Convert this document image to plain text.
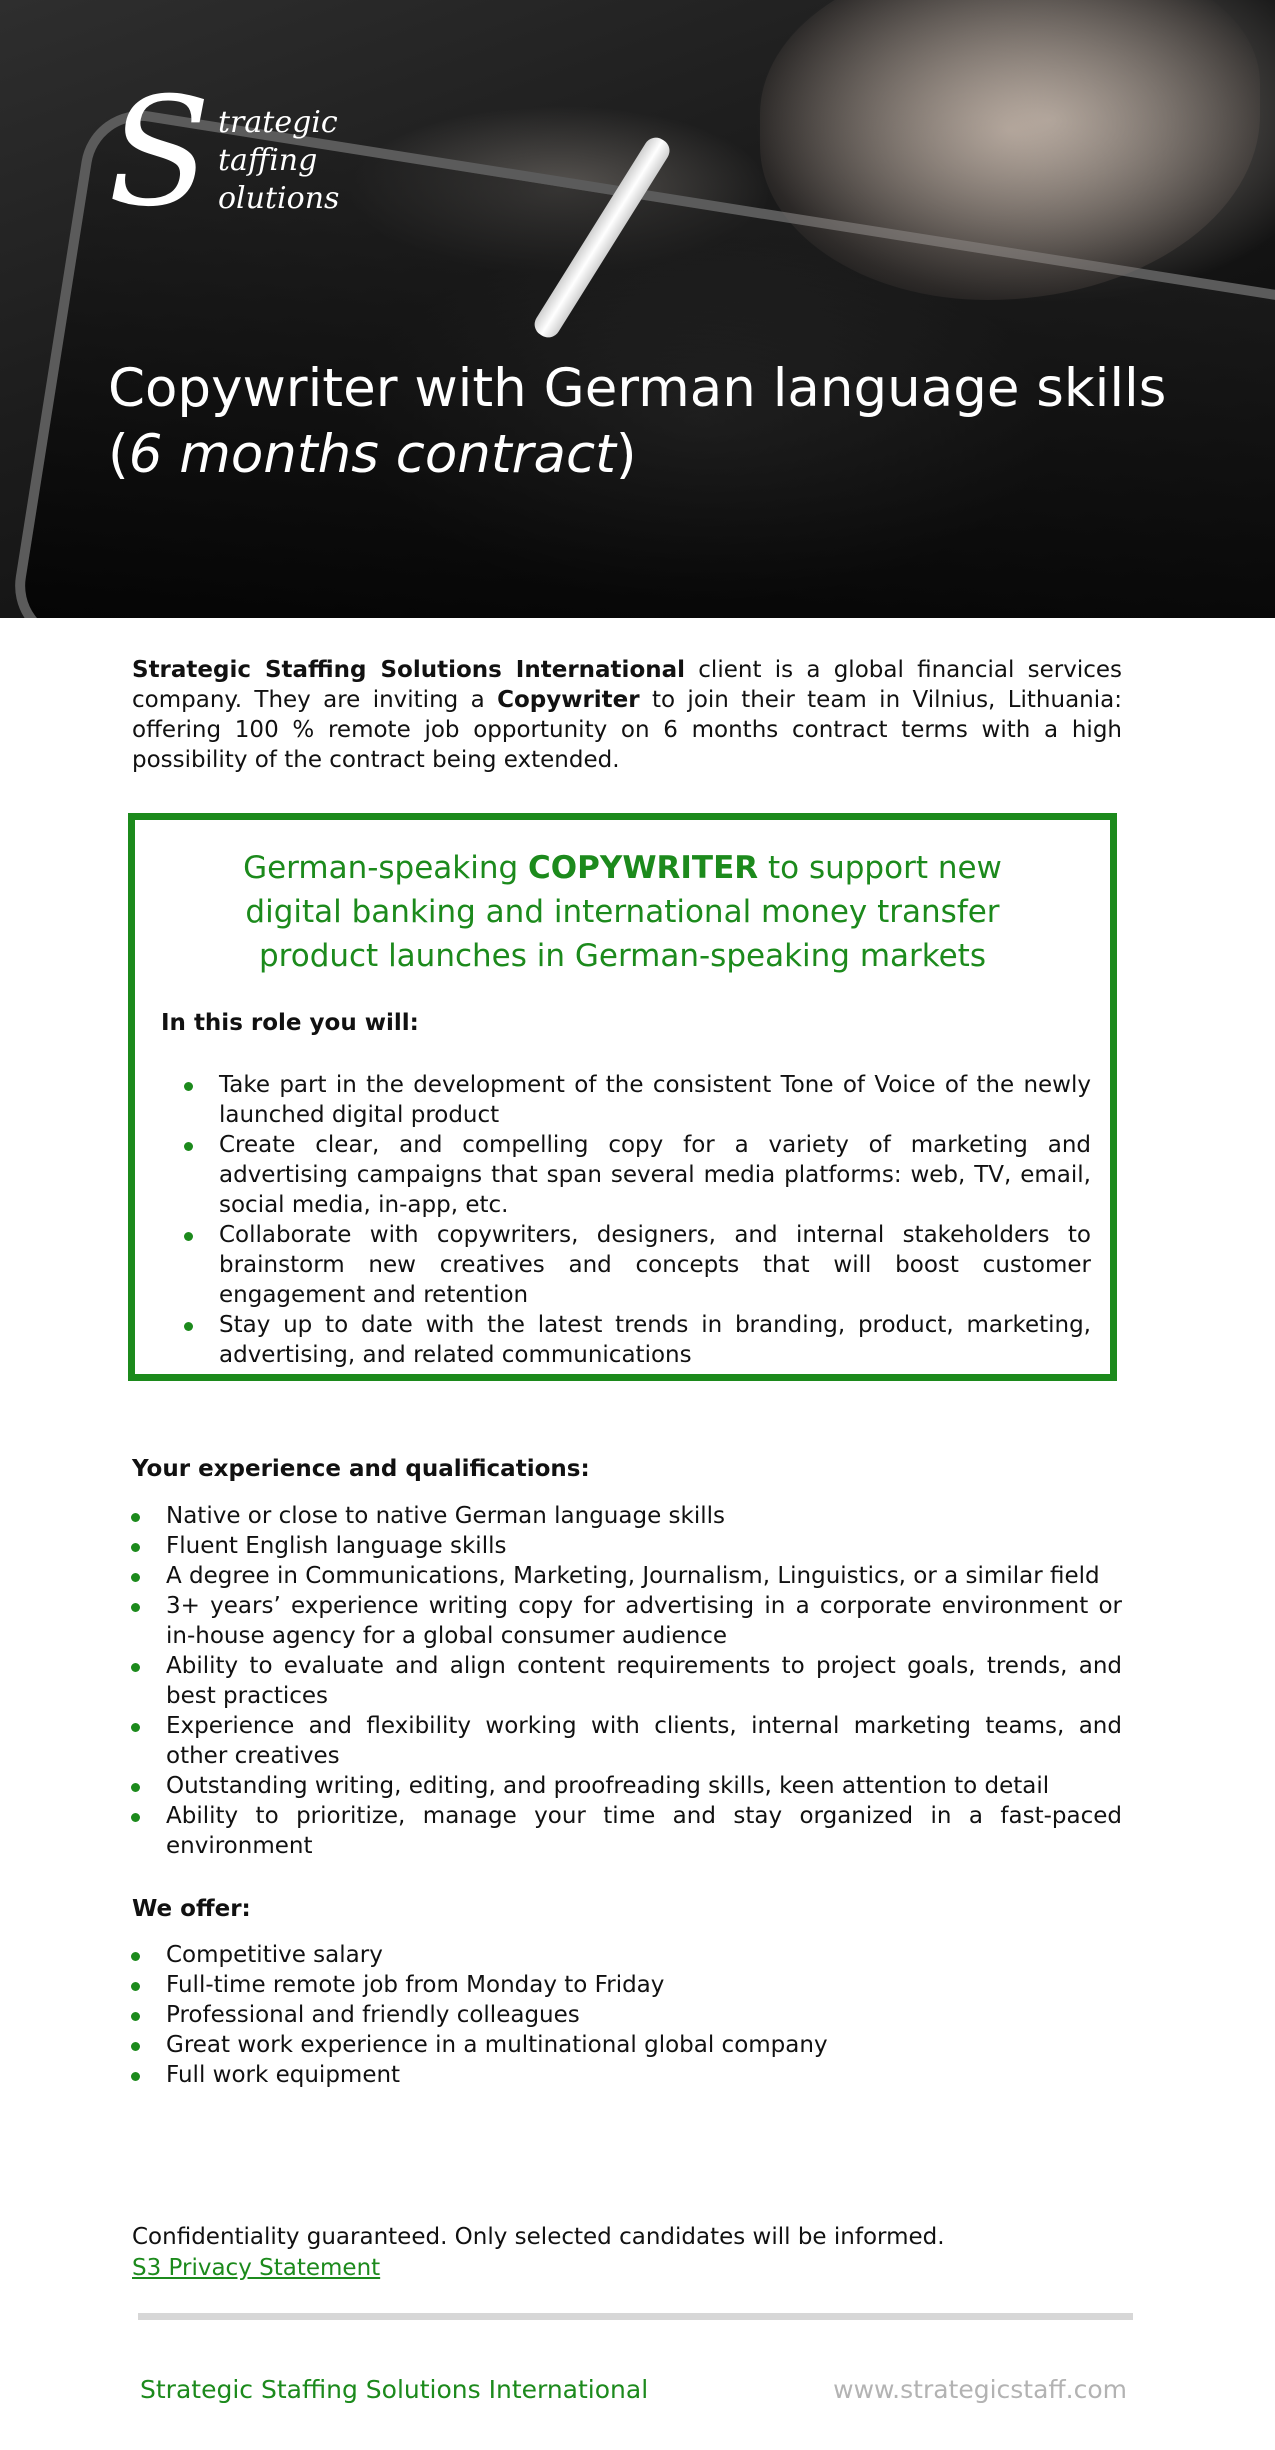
S trategic
taffing
olutions
Copywriter with German language skills
(6 months contract)

Strategic Staffing Solutions International client is a global financial services company. They are inviting a Copywriter to join their team in Vilnius, Lithuania: offering 100 % remote job opportunity on 6 months contract terms with a high possibility of the contract being extended.

German-speaking COPYWRITER to support new digital banking and international money transfer product launches in German-speaking markets
In this role you will:
Take part in the development of the consistent Tone of Voice of the newly launched digital product
Create clear, and compelling copy for a variety of marketing and advertising campaigns that span several media platforms: web, TV, email, social media, in-app, etc.
Collaborate with copywriters, designers, and internal stakeholders to brainstorm new creatives and concepts that will boost customer engagement and retention
Stay up to date with the latest trends in branding, product, marketing, advertising, and related communications
Your experience and qualifications:
Native or close to native German language skills
Fluent English language skills
A degree in Communications, Marketing, Journalism, Linguistics, or a similar field
3+ years’ experience writing copy for advertising in a corporate environment or in-house agency for a global consumer audience
Ability to evaluate and align content requirements to project goals, trends, and best practices
Experience and flexibility working with clients, internal marketing teams, and other creatives
Outstanding writing, editing, and proofreading skills, keen attention to detail
Ability to prioritize, manage your time and stay organized in a fast-paced environment
We offer:
Competitive salary
Full-time remote job from Monday to Friday
Professional and friendly colleagues
Great work experience in a multinational global company
Full work equipment
Confidentiality guaranteed. Only selected candidates will be informed.
S3 Privacy Statement
Strategic Staffing Solutions International	www.strategicstaff.com
